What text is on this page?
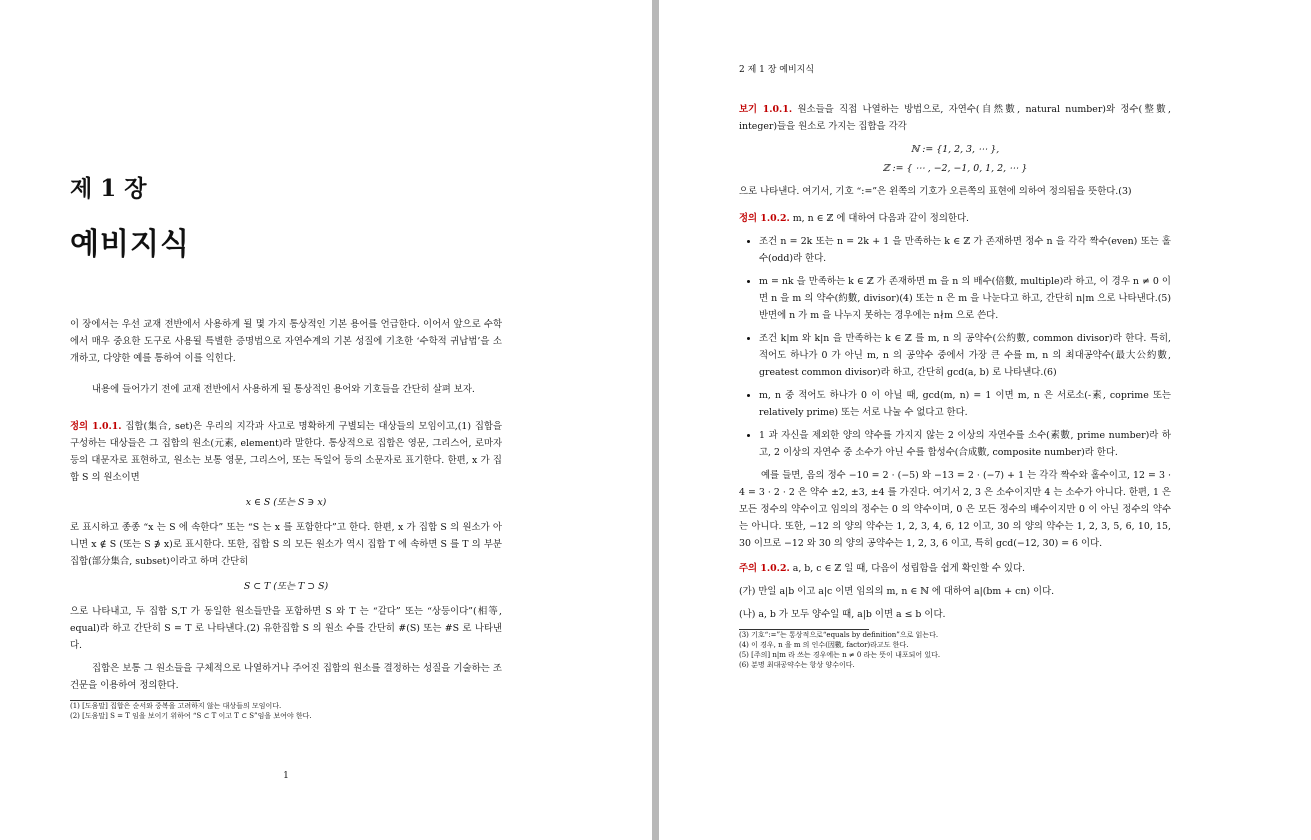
제 1 장
예비지식

이 장에서는 우선 교재 전반에서 사용하게 될 몇 가지 통상적인 기본 용어를 언급한다. 이어서 앞으로 수학에서 매우 중요한 도구로 사용될 특별한 증명법으로 자연수계의 기본 성질에 기초한 ‘수학적 귀납법’을 소개하고, 다양한 예를 통하여 이를 익힌다.

내용에 들어가기 전에 교재 전반에서 사용하게 될 통상적인 용어와 기호들을 간단히 살펴 보자.

정의 1.0.1. 집합(集合, set)은 우리의 지각과 사고로 명확하게 구별되는 대상들의 모임이고,(1) 집합을 구성하는 대상들은 그 집합의 원소(元素, element)라 말한다. 통상적으로 집합은 영문, 그리스어, 로마자 등의 대문자로 표현하고, 원소는 보통 영문, 그리스어, 또는 독일어 등의 소문자로 표기한다. 한편, x 가 집합 S 의 원소이면

x ∈ S (또는 S ∋ x)

로 표시하고 종종 “x 는 S 에 속한다” 또는 “S 는 x 를 포함한다”고 한다. 한편, x 가 집합 S 의 원소가 아니면 x ∉ S (또는 S ∌ x)로 표시한다. 또한, 집합 S 의 모든 원소가 역시 집합 T 에 속하면 S 를 T 의 부분집합(部分集合, subset)이라고 하며 간단히

S ⊂ T (또는 T ⊃ S)

으로 나타내고, 두 집합 S,T 가 동일한 원소들만을 포함하면 S 와 T 는 “같다” 또는 “상등이다”(相等, equal)라 하고 간단히 S = T 로 나타낸다.(2) 유한집합 S 의 원소 수를 간단히 #(S) 또는 #S 로 나타낸다.

집합은 보통 그 원소들을 구체적으로 나열하거나 주어진 집합의 원소를 결정하는 성질을 기술하는 조건문을 이용하여 정의한다.

(1) [도움말] 집합은 순서와 중복을 고려하지 않는 대상들의 모임이다.
(2) [도움말] S = T 임을 보이기 위하여 “S ⊂ T 이고 T ⊂ S”임을 보여야 한다.
1
2 제 1 장 예비지식

보기 1.0.1. 원소들을 직접 나열하는 방법으로, 자연수(自然數, natural number)와 정수(整數, integer)들을 원소로 가지는 집합을 각각

ℕ := {1, 2, 3, ⋯ },
ℤ := { ⋯ , −2, −1, 0, 1, 2, ⋯ }

으로 나타낸다. 여기서, 기호 “:=”은 왼쪽의 기호가 오른쪽의 표현에 의하여 정의됨을 뜻한다.(3)

정의 1.0.2. m, n ∈ ℤ 에 대하여 다음과 같이 정의한다.

• 조건 n = 2k 또는 n = 2k + 1 을 만족하는 k ∈ ℤ 가 존재하면 정수 n 을 각각 짝수(even) 또는 홀수(odd)라 한다.
• m = nk 을 만족하는 k ∈ ℤ 가 존재하면 m 을 n 의 배수(倍數, multiple)라 하고, 이 경우 n ≠ 0 이면 n 을 m 의 약수(約數, divisor)(4) 또는 n 은 m 을 나눈다고 하고, 간단히 n|m 으로 나타낸다.(5) 반면에 n 가 m 을 나누지 못하는 경우에는 n∤m 으로 쓴다.
• 조건 k|m 와 k|n 을 만족하는 k ∈ ℤ 를 m, n 의 공약수(公約數, common divisor)라 한다. 특히, 적어도 하나가 0 가 아닌 m, n 의 공약수 중에서 가장 큰 수를 m, n 의 최대공약수(最大公約數, greatest common divisor)라 하고, 간단히 gcd(a, b) 로 나타낸다.(6)
• m, n 중 적어도 하나가 0 이 아닐 때, gcd(m, n) = 1 이면 m, n 은 서로소(-素, coprime 또는 relatively prime) 또는 서로 나눌 수 없다고 한다.
• 1 과 자신을 제외한 양의 약수를 가지지 않는 2 이상의 자연수를 소수(素數, prime number)라 하고, 2 이상의 자연수 중 소수가 아닌 수를 합성수(合成數, composite number)라 한다.

예를 들면, 음의 정수 −10 = 2 · (−5) 와 −13 = 2 · (−7) + 1 는 각각 짝수와 홀수이고, 12 = 3 · 4 = 3 · 2 · 2 은 약수 ±2, ±3, ±4 를 가진다. 여기서 2, 3 은 소수이지만 4 는 소수가 아니다. 한편, 1 은 모든 정수의 약수이고 임의의 정수는 0 의 약수이며, 0 은 모든 정수의 배수이지만 0 이 아닌 정수의 약수는 아니다. 또한, −12 의 양의 약수는 1, 2, 3, 4, 6, 12 이고, 30 의 양의 약수는 1, 2, 3, 5, 6, 10, 15, 30 이므로 −12 와 30 의 양의 공약수는 1, 2, 3, 6 이고, 특히 gcd(−12, 30) = 6 이다.

주의 1.0.2. a, b, c ∈ ℤ 일 때, 다음이 성립함을 쉽게 확인할 수 있다.

(가) 만일 a|b 이고 a|c 이면 임의의 m, n ∈ ℕ 에 대하여 a|(bm + cn) 이다.

(나) a, b 가 모두 양수일 때, a|b 이면 a ≤ b 이다.

(3) 기호“:=”는 통상적으로“equals by definition”으로 읽는다.
(4) 이 경우, n 을 m 의 인수(因數, factor)라고도 한다.
(5) [주의] n|m 라 쓰는 경우에는 n ≠ 0 라는 뜻이 내포되어 있다.
(6) 분명 최대공약수는 항상 양수이다.
